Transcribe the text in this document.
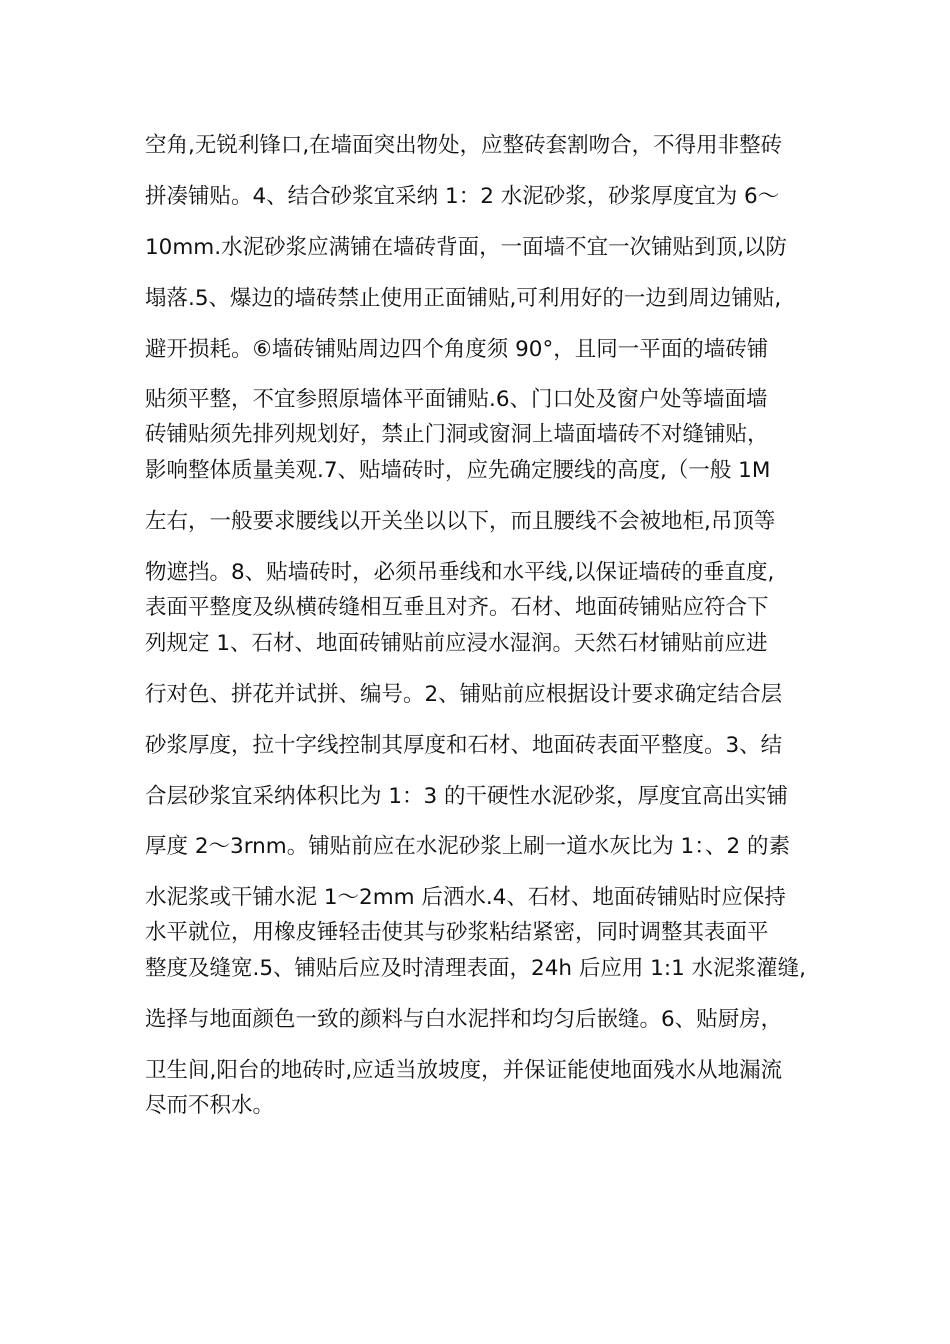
空角,无锐利锋口,在墙面突出物处，应整砖套割吻合，不得用非整砖
拼凑铺贴。4、结合砂浆宜采纳 1：2 水泥砂浆，砂浆厚度宜为 6～
10mm.水泥砂浆应满铺在墙砖背面，一面墙不宜一次铺贴到顶,以防
塌落.5、爆边的墙砖禁止使用正面铺贴,可利用好的一边到周边铺贴,
避开损耗。⑥墙砖铺贴周边四个角度须 90°，且同一平面的墙砖铺
贴须平整，不宜参照原墙体平面铺贴.6、门口处及窗户处等墙面墙
砖铺贴须先排列规划好，禁止门洞或窗洞上墙面墙砖不对缝铺贴，
影响整体质量美观.7、贴墙砖时，应先确定腰线的高度,（一般 1M
左右，一般要求腰线以开关坐以以下，而且腰线不会被地柜,吊顶等
物遮挡。8、贴墙砖时，必须吊垂线和水平线,以保证墙砖的垂直度,
表面平整度及纵横砖缝相互垂且对齐。石材、地面砖铺贴应符合下
列规定 1、石材、地面砖铺贴前应浸水湿润。天然石材铺贴前应进
行对色、拼花并试拼、编号。2、铺贴前应根据设计要求确定结合层
砂浆厚度，拉十字线控制其厚度和石材、地面砖表面平整度。3、结
合层砂浆宜采纳体积比为 1：3 的干硬性水泥砂浆，厚度宜高出实铺
厚度 2～3rnm。铺贴前应在水泥砂浆上刷一道水灰比为 1：、2 的素
水泥浆或干铺水泥 1～2mm 后洒水.4、石材、地面砖铺贴时应保持
水平就位，用橡皮锤轻击使其与砂浆粘结紧密，同时调整其表面平
整度及缝宽.5、铺贴后应及时清理表面，24h 后应用 1:1 水泥浆灌缝,
选择与地面颜色一致的颜料与白水泥拌和均匀后嵌缝。6、贴厨房，
卫生间,阳台的地砖时,应适当放坡度，并保证能使地面残水从地漏流
尽而不积水。
